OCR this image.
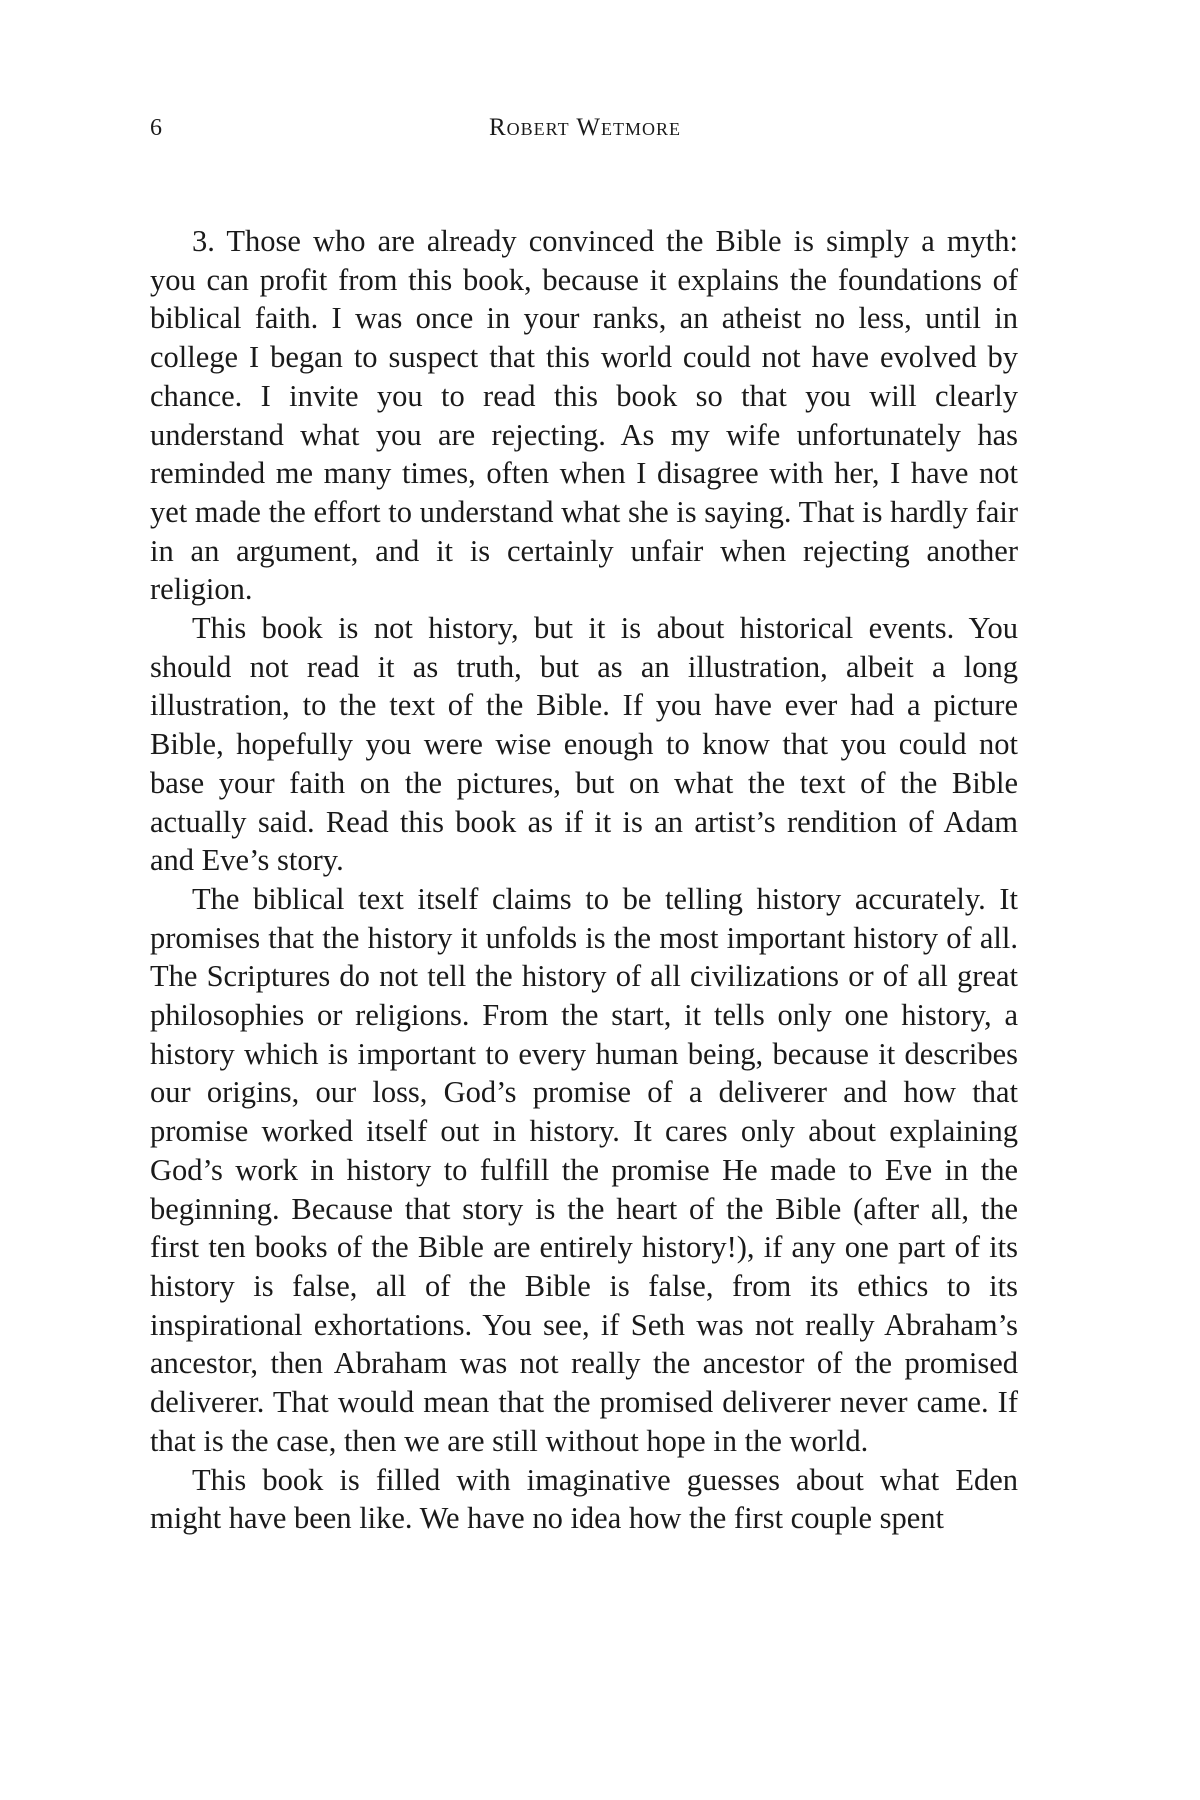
6	Robert Wetmore

3. Those who are already convinced the Bible is simply a myth: you can profit from this book, because it explains the foundations of biblical faith. I was once in your ranks, an atheist no less, until in college I began to suspect that this world could not have evolved by chance. I invite you to read this book so that you will clearly understand what you are rejecting. As my wife unfortunately has reminded me many times, often when I disagree with her, I have not yet made the effort to understand what she is saying. That is hardly fair in an argument, and it is certainly unfair when rejecting another religion.

This book is not history, but it is about historical events. You should not read it as truth, but as an illustration, albeit a long illustration, to the text of the Bible. If you have ever had a picture Bible, hopefully you were wise enough to know that you could not base your faith on the pictures, but on what the text of the Bible actually said. Read this book as if it is an artist’s rendition of Adam and Eve’s story.

The biblical text itself claims to be telling history accurately. It promises that the history it unfolds is the most important history of all. The Scriptures do not tell the history of all civilizations or of all great philosophies or religions. From the start, it tells only one history, a history which is important to every human being, because it describes our origins, our loss, God’s promise of a deliverer and how that promise worked itself out in history. It cares only about explaining God’s work in history to fulfill the promise He made to Eve in the beginning. Because that story is the heart of the Bible (after all, the first ten books of the Bible are entirely history!), if any one part of its history is false, all of the Bible is false, from its ethics to its inspirational exhortations. You see, if Seth was not really Abraham’s ancestor, then Abraham was not really the ancestor of the promised deliverer. That would mean that the promised deliverer never came. If that is the case, then we are still without hope in the world.

This book is filled with imaginative guesses about what Eden might have been like. We have no idea how the first couple spent
